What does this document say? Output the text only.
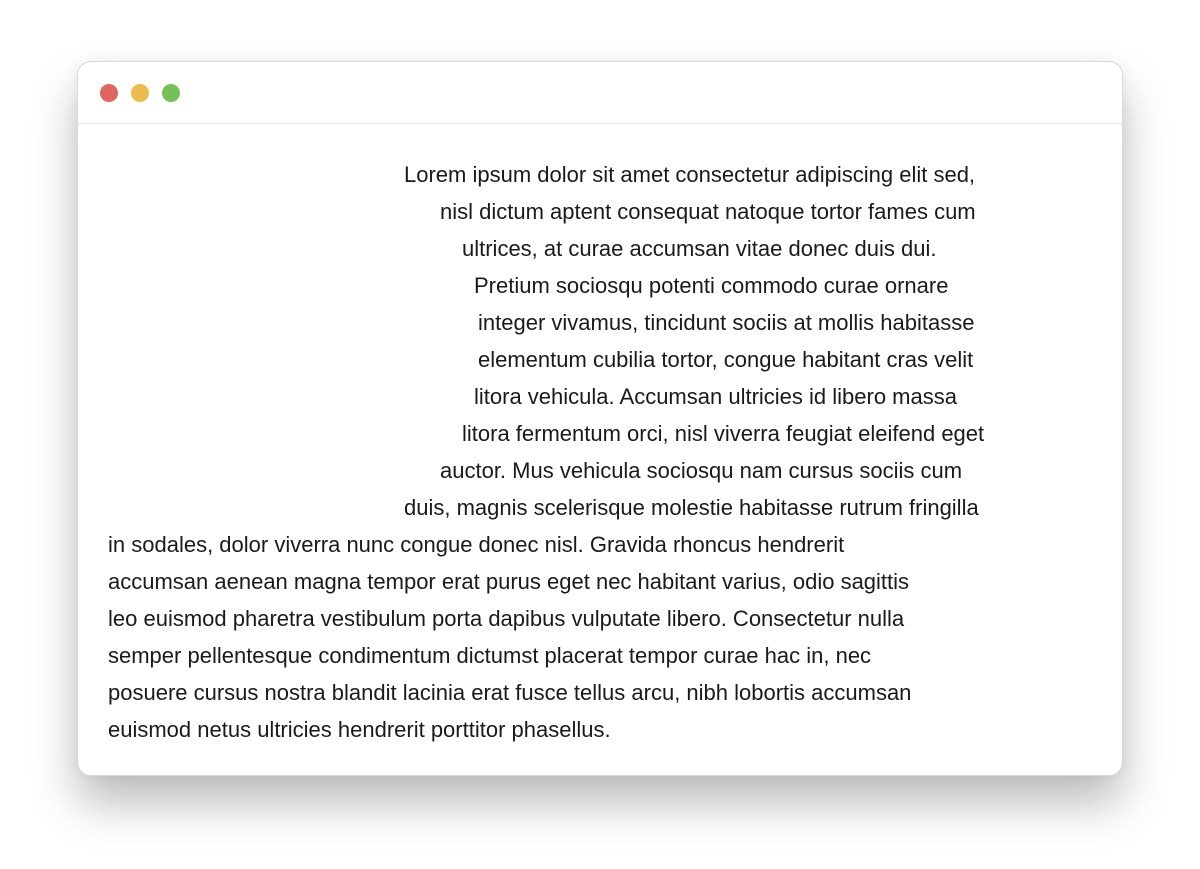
Lorem ipsum dolor sit amet consectetur adipiscing elit sed,
nisl dictum aptent consequat natoque tortor fames cum
ultrices, at curae accumsan vitae donec duis dui.
Pretium sociosqu potenti commodo curae ornare
integer vivamus, tincidunt sociis at mollis habitasse
elementum cubilia tortor, congue habitant cras velit
litora vehicula. Accumsan ultricies id libero massa
litora fermentum orci, nisl viverra feugiat eleifend eget
auctor. Mus vehicula sociosqu nam cursus sociis cum
duis, magnis scelerisque molestie habitasse rutrum fringilla
in sodales, dolor viverra nunc congue donec nisl. Gravida rhoncus hendrerit
accumsan aenean magna tempor erat purus eget nec habitant varius, odio sagittis
leo euismod pharetra vestibulum porta dapibus vulputate libero. Consectetur nulla
semper pellentesque condimentum dictumst placerat tempor curae hac in, nec
posuere cursus nostra blandit lacinia erat fusce tellus arcu, nibh lobortis accumsan
euismod netus ultricies hendrerit porttitor phasellus.
